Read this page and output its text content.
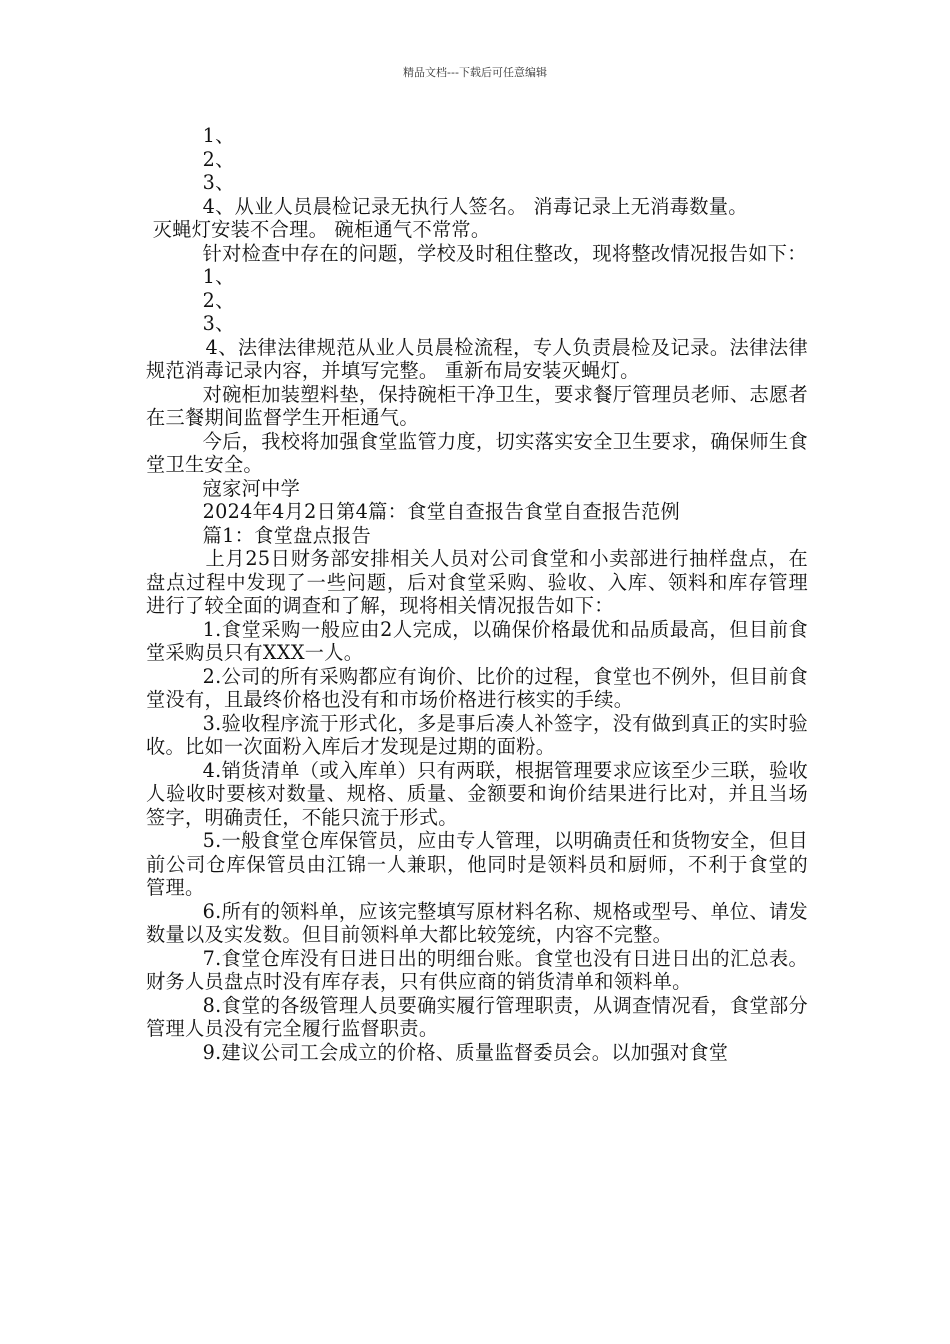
精品文档---下载后可任意编辑

1、

2、

3、

4、从业人员晨检记录无执行人签名。 消毒记录上无消毒数量。

灭蝇灯安装不合理。 碗柜通气不常常。

针对检查中存在的问题，学校及时租住整改，现将整改情况报告如下：

1、

2、

3、

4、法律法律规范从业人员晨检流程，专人负责晨检及记录。法律法律规范消毒记录内容，并填写完整。 重新布局安装灭蝇灯。

对碗柜加装塑料垫，保持碗柜干净卫生，要求餐厅管理员老师、志愿者在三餐期间监督学生开柜通气。

今后，我校将加强食堂监管力度，切实落实安全卫生要求，确保师生食堂卫生安全。

寇家河中学

2024年4月2日第4篇：食堂自查报告食堂自查报告范例

篇1：食堂盘点报告

上月25日财务部安排相关人员对公司食堂和小卖部进行抽样盘点，在盘点过程中发现了一些问题，后对食堂采购、验收、入库、领料和库存管理进行了较全面的调查和了解，现将相关情况报告如下：

1.食堂采购一般应由2人完成，以确保价格最优和品质最高，但目前食堂采购员只有XXX一人。

2.公司的所有采购都应有询价、比价的过程，食堂也不例外，但目前食堂没有，且最终价格也没有和市场价格进行核实的手续。

3.验收程序流于形式化，多是事后凑人补签字，没有做到真正的实时验收。比如一次面粉入库后才发现是过期的面粉。

4.销货清单（或入库单）只有两联，根据管理要求应该至少三联，验收人验收时要核对数量、规格、质量、金额要和询价结果进行比对，并且当场签字，明确责任，不能只流于形式。

5.一般食堂仓库保管员，应由专人管理，以明确责任和货物安全，但目前公司仓库保管员由江锦一人兼职，他同时是领料员和厨师，不利于食堂的管理。

6.所有的领料单，应该完整填写原材料名称、规格或型号、单位、请发数量以及实发数。但目前领料单大都比较笼统，内容不完整。

7.食堂仓库没有日进日出的明细台账。食堂也没有日进日出的汇总表。财务人员盘点时没有库存表，只有供应商的销货清单和领料单。

8.食堂的各级管理人员要确实履行管理职责，从调查情况看，食堂部分管理人员没有完全履行监督职责。

9.建议公司工会成立的价格、质量监督委员会。以加强对食堂
